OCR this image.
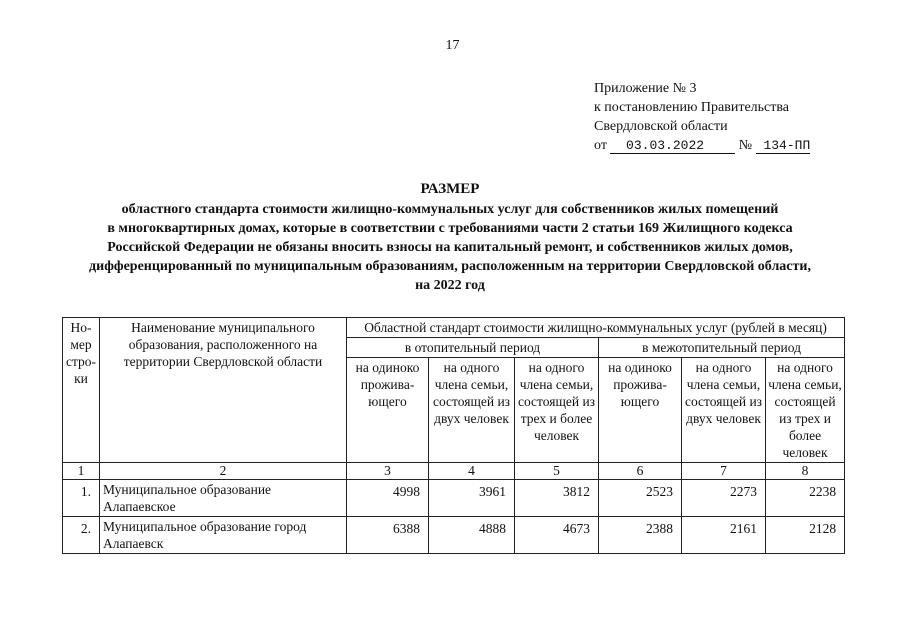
17
Приложение № 3
к постановлению Правительства
Свердловской области
от 03.03.2022 № 134-ПП
РАЗМЕР
областного стандарта стоимости жилищно-коммунальных услуг для собственников жилых помещений
в многоквартирных домах, которые в соответствии с требованиями части 2 статьи 169 Жилищного кодекса
Российской Федерации не обязаны вносить взносы на капитальный ремонт, и собственников жилых домов,
дифференцированный по муниципальным образованиям, расположенным на территории Свердловской области,
на 2022 год
Но-мер стро-ки	Наименование муниципального образования, расположенного на территории Свердловской области	Областной стандарт стоимости жилищно-коммунальных услуг (рублей в месяц)					
		в отопительный период			в межотопительный период		
		на одиноко прожива-ющего	на одного члена семьи, состоящей из двух человек	на одного члена семьи, состоящей из трех и более человек	на одиноко прожива-ющего	на одного члена семьи, состоящей из двух человек	на одного члена семьи, состоящей из трех и более человек
1	2	3	4	5	6	7	8
1.	Муниципальное образование Алапаевское	4998	3961	3812	2523	2273	2238
2.	Муниципальное образование город Алапаевск	6388	4888	4673	2388	2161	2128
